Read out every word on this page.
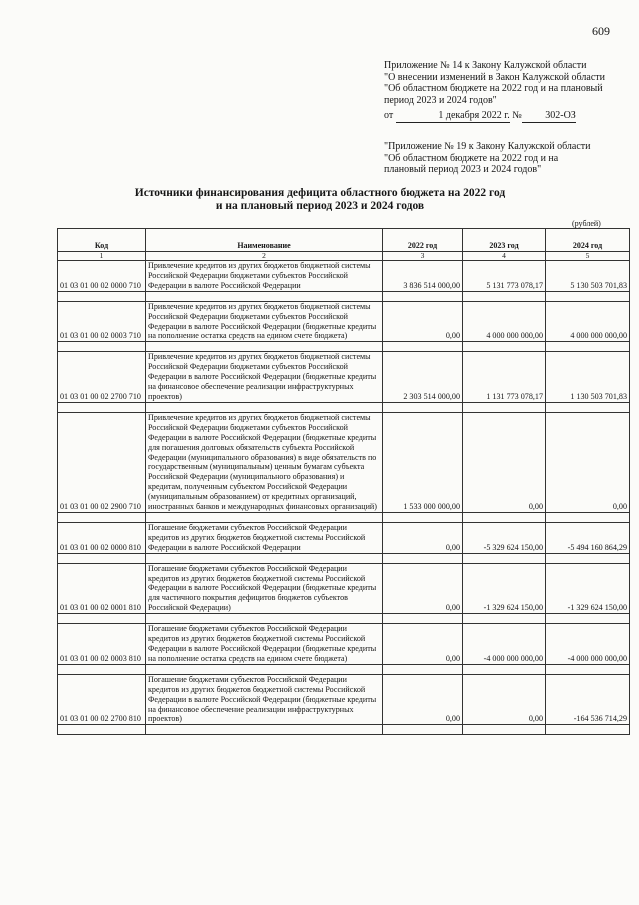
609
Приложение № 14 к Закону Калужской области
"О внесении изменений в Закон Калужской области
"Об областном бюджете на 2022 год и на плановый
период 2023 и 2024 годов"
от	1 декабря 2022 г. № 302-ОЗ
"Приложение № 19 к Закону Калужской области
"Об областном бюджете на 2022 год и на
плановый период 2023 и 2024 годов"
Источники финансирования дефицита областного бюджета на 2022 год
и на плановый период 2023 и 2024 годов
(рублей)
Код	Наименование	2022 год	2023 год	2024 год
1	2	3	4	5
01 03 01 00 02 0000 710	Привлечение кредитов из других бюджетов бюджетной системы Российской Федерации бюджетами субъектов Российской Федерации в валюте Российской Федерации	3 836 514 000,00	5 131 773 078,17	5 130 503 701,83

01 03 01 00 02 0003 710	Привлечение кредитов из других бюджетов бюджетной системы Российской Федерации бюджетами субъектов Российской Федерации в валюте Российской Федерации (бюджетные кредиты на пополнение остатка средств на едином счете бюджета)	0,00	4 000 000 000,00	4 000 000 000,00

01 03 01 00 02 2700 710	Привлечение кредитов из других бюджетов бюджетной системы Российской Федерации бюджетами субъектов Российской Федерации в валюте Российской Федерации (бюджетные кредиты на финансовое обеспечение реализации инфраструктурных проектов)	2 303 514 000,00	1 131 773 078,17	1 130 503 701,83

01 03 01 00 02 2900 710	Привлечение кредитов из других бюджетов бюджетной системы Российской Федерации бюджетами субъектов Российской Федерации в валюте Российской Федерации (бюджетные кредиты для погашения долговых обязательств субъекта Российской Федерации (муниципального образования) в виде обязательств по государственным (муниципальным) ценным бумагам субъекта Российской Федерации (муниципального образования) и кредитам, полученным субъектом Российской Федерации (муниципальным образованием) от кредитных организаций, иностранных банков и международных финансовых организаций)	1 533 000 000,00	0,00	0,00

01 03 01 00 02 0000 810	Погашение бюджетами субъектов Российской Федерации кредитов из других бюджетов бюджетной системы Российской Федерации в валюте Российской Федерации	0,00	-5 329 624 150,00	-5 494 160 864,29

01 03 01 00 02 0001 810	Погашение бюджетами субъектов Российской Федерации кредитов из других бюджетов бюджетной системы Российской Федерации в валюте Российской Федерации (бюджетные кредиты для частичного покрытия дефицитов бюджетов субъектов Российской Федерации)	0,00	-1 329 624 150,00	-1 329 624 150,00

01 03 01 00 02 0003 810	Погашение бюджетами субъектов Российской Федерации кредитов из других бюджетов бюджетной системы Российской Федерации в валюте Российской Федерации (бюджетные кредиты на пополнение остатка средств на едином счете бюджета)	0,00	-4 000 000 000,00	-4 000 000 000,00

01 03 01 00 02 2700 810	Погашение бюджетами субъектов Российской Федерации кредитов из других бюджетов бюджетной системы Российской Федерации в валюте Российской Федерации (бюджетные кредиты на финансовое обеспечение реализации инфраструктурных проектов)	0,00	0,00	-164 536 714,29
